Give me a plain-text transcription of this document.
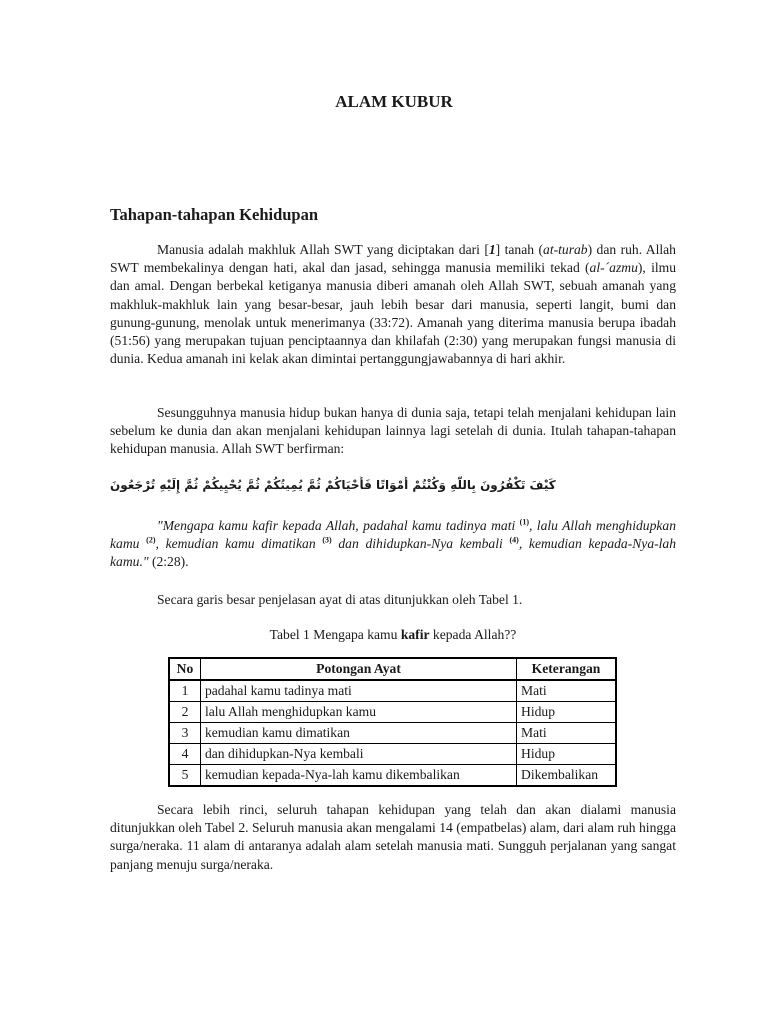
ALAM KUBUR
Tahapan-tahapan Kehidupan

Manusia adalah makhluk Allah SWT yang diciptakan dari [1] tanah (at-turab) dan ruh. Allah SWT membekalinya dengan hati, akal dan jasad, sehingga manusia memiliki tekad (al-´azmu), ilmu dan amal. Dengan berbekal ketiganya manusia diberi amanah oleh Allah SWT, sebuah amanah yang makhluk-makhluk lain yang besar-besar, jauh lebih besar dari manusia, seperti langit, bumi dan gunung-gunung, menolak untuk menerimanya (33:72). Amanah yang diterima manusia berupa ibadah (51:56) yang merupakan tujuan penciptaannya dan khilafah (2:30) yang merupakan fungsi manusia di dunia. Kedua amanah ini kelak akan dimintai pertanggungjawabannya di hari akhir.

Sesungguhnya manusia hidup bukan hanya di dunia saja, tetapi telah menjalani kehidupan lain sebelum ke dunia dan akan menjalani kehidupan lainnya lagi setelah di dunia. Itulah tahapan-tahapan kehidupan manusia. Allah SWT berfirman:

كَيْفَ تَكْفُرُونَ بِاللَّهِ وَكُنْتُمْ أَمْوَاتًا فَأَحْيَاكُمْ ثُمَّ يُمِيتُكُمْ ثُمَّ يُحْيِيكُمْ ثُمَّ إِلَيْهِ تُرْجَعُونَ

"Mengapa kamu kafir kepada Allah, padahal kamu tadinya mati $^{(1)}$, lalu Allah menghidupkan kamu $^{(2)}$, kemudian kamu dimatikan $^{(3)}$ dan dihidupkan-Nya kembali $^{(4)}$, kemudian kepada-Nya-lah kamu." (2:28).

Secara garis besar penjelasan ayat di atas ditunjukkan oleh Tabel 1.

Tabel 1 Mengapa kamu kafir kepada Allah??

No	Potongan Ayat	Keterangan
1	padahal kamu tadinya mati	Mati
2	lalu Allah menghidupkan kamu	Hidup
3	kemudian kamu dimatikan	Mati
4	dan dihidupkan-Nya kembali	Hidup
5	kemudian kepada-Nya-lah kamu dikembalikan	Dikembalikan

Secara lebih rinci, seluruh tahapan kehidupan yang telah dan akan dialami manusia ditunjukkan oleh Tabel 2. Seluruh manusia akan mengalami 14 (empatbelas) alam, dari alam ruh hingga surga/neraka. 11 alam di antaranya adalah alam setelah manusia mati. Sungguh perjalanan yang sangat panjang menuju surga/neraka.
